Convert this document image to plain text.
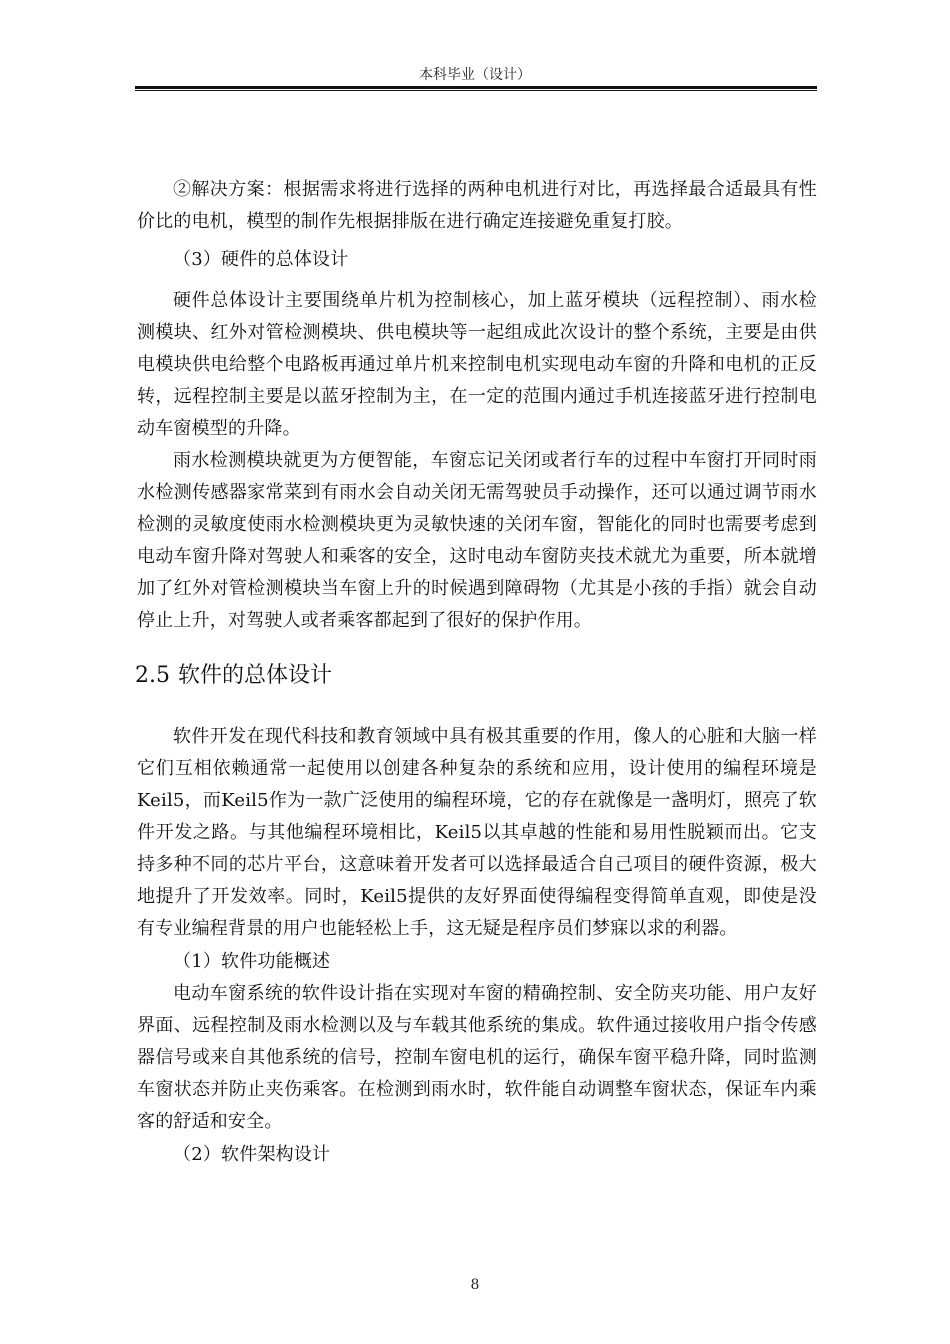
本科毕业（设计）

②解决方案：根据需求将进行选择的两种电机进行对比，再选择最合适最具有性价比的电机，模型的制作先根据排版在进行确定连接避免重复打胶。

（3）硬件的总体设计

硬件总体设计主要围绕单片机为控制核心，加上蓝牙模块（远程控制）、雨水检测模块、红外对管检测模块、供电模块等一起组成此次设计的整个系统，主要是由供电模块供电给整个电路板再通过单片机来控制电机实现电动车窗的升降和电机的正反转，远程控制主要是以蓝牙控制为主，在一定的范围内通过手机连接蓝牙进行控制电动车窗模型的升降。

雨水检测模块就更为方便智能，车窗忘记关闭或者行车的过程中车窗打开同时雨水检测传感器家常菜到有雨水会自动关闭无需驾驶员手动操作，还可以通过调节雨水检测的灵敏度使雨水检测模块更为灵敏快速的关闭车窗，智能化的同时也需要考虑到电动车窗升降对驾驶人和乘客的安全，这时电动车窗防夹技术就尤为重要，所本就增加了红外对管检测模块当车窗上升的时候遇到障碍物（尤其是小孩的手指）就会自动停止上升，对驾驶人或者乘客都起到了很好的保护作用。

2.5 软件的总体设计

软件开发在现代科技和教育领域中具有极其重要的作用，像人的心脏和大脑一样它们互相依赖通常一起使用以创建各种复杂的系统和应用，设计使用的编程环境是Keil5，而Keil5作为一款广泛使用的编程环境，它的存在就像是一盏明灯，照亮了软件开发之路。与其他编程环境相比，Keil5以其卓越的性能和易用性脱颖而出。它支持多种不同的芯片平台，这意味着开发者可以选择最适合自己项目的硬件资源，极大地提升了开发效率。同时，Keil5提供的友好界面使得编程变得简单直观，即使是没有专业编程背景的用户也能轻松上手，这无疑是程序员们梦寐以求的利器。

（1）软件功能概述

电动车窗系统的软件设计指在实现对车窗的精确控制、安全防夹功能、用户友好界面、远程控制及雨水检测以及与车载其他系统的集成。软件通过接收用户指令传感器信号或来自其他系统的信号，控制车窗电机的运行，确保车窗平稳升降，同时监测车窗状态并防止夹伤乘客。在检测到雨水时，软件能自动调整车窗状态，保证车内乘客的舒适和安全。

（2）软件架构设计

8
